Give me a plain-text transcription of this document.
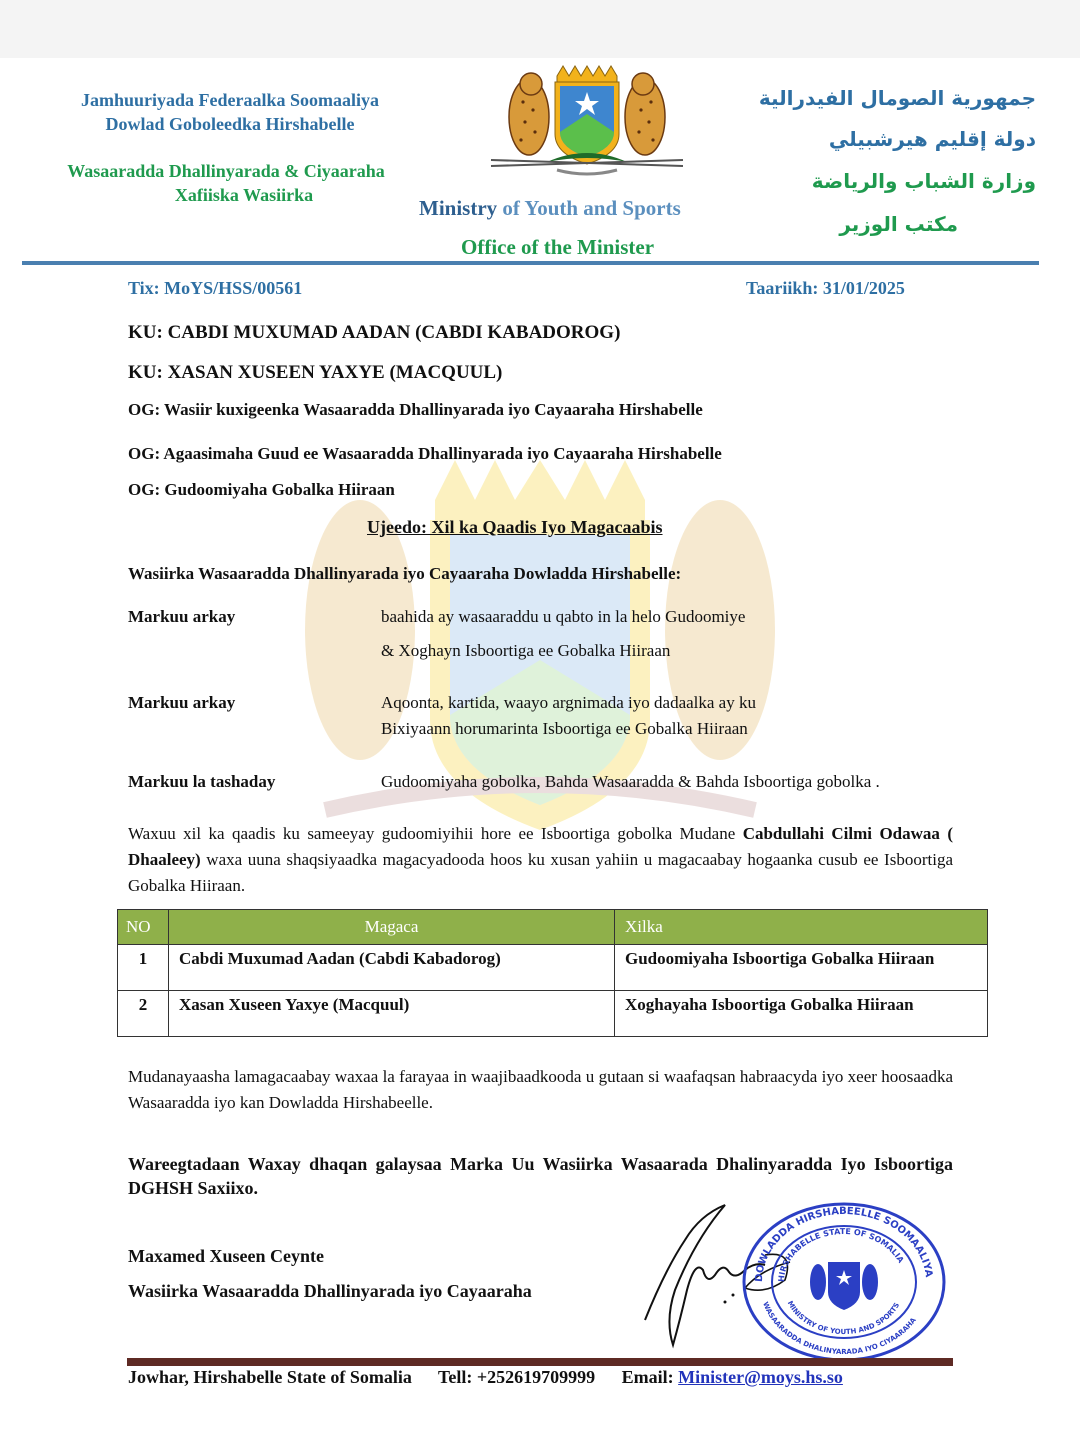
Jamhuuriyada Federaalka Soomaaliya
Dowlad Goboleedka Hirshabelle
Wasaaradda Dhallinyarada & Ciyaaraha
Xafiiska Wasiirka
Ministry of Youth and Sports
Office of the Minister
جمهورية الصومال الفيدرالية
دولة إقليم هيرشبيلي
وزارة الشباب والرياضة
مكتب الوزير
Tix: MoYS/HSS/00561	Taariikh: 31/01/2025
KU: CABDI MUXUMAD AADAN (CABDI KABADOROG)
KU: XASAN XUSEEN YAXYE (MACQUUL)
OG: Wasiir kuxigeenka Wasaaradda Dhallinyarada iyo Cayaaraha Hirshabelle
OG: Agaasimaha Guud ee Wasaaradda Dhallinyarada iyo Cayaaraha Hirshabelle
OG: Gudoomiyaha Gobalka Hiiraan
Ujeedo: Xil ka Qaadis Iyo Magacaabis
Wasiirka Wasaaradda Dhallinyarada iyo Cayaaraha Dowladda Hirshabelle:
Markuu arkay	baahida ay wasaaraddu u qabto in la helo Gudoomiye
& Xoghayn Isboortiga ee Gobalka Hiiraan
Markuu arkay	Aqoonta, kartida, waayo argnimada iyo dadaalka ay ku
Bixiyaann horumarinta Isboortiga ee Gobalka Hiiraan
Markuu la tashaday	Gudoomiyaha gobolka, Bahda Wasaaradda & Bahda Isboortiga gobolka .
Waxuu xil ka qaadis ku sameeyay gudoomiyihii hore ee Isboortiga gobolka Mudane Cabdullahi Cilmi Odawaa ( Dhaaleey) waxa uuna shaqsiyaadka magacyadooda hoos ku xusan yahiin u magacaabay hogaanka cusub ee Isboortiga Gobalka Hiiraan.
NO	Magaca	Xilka
1	Cabdi Muxumad Aadan (Cabdi Kabadorog)	Gudoomiyaha Isboortiga Gobalka Hiiraan
2	Xasan Xuseen Yaxye (Macquul)	Xoghayaha Isboortiga Gobalka Hiiraan
Mudanayaasha lamagacaabay waxaa la farayaa in waajibaadkooda u gutaan si waafaqsan habraacyda iyo xeer hoosaadka Wasaaradda iyo kan Dowladda Hirshabeelle.
Wareegtadaan Waxay dhaqan galaysaa Marka Uu Wasiirka Wasaarada Dhalinyaradda Iyo Isboortiga DGHSH Saxiixo.
Maxamed Xuseen Ceynte
Wasiirka Wasaaradda Dhallinyarada iyo Cayaaraha
DOWLADDA HIRSHABEELLE SOOMAALIYA
HIRSHABELLE STATE OF SOMALIA
WASAARADDA DHALINYARADA IYO CIYAARAHA
MINISTRY OF YOUTH AND SPORTS
Jowhar, Hirshabelle State of Somalia Tell: +252619709999 Email: Minister@moys.hs.so
